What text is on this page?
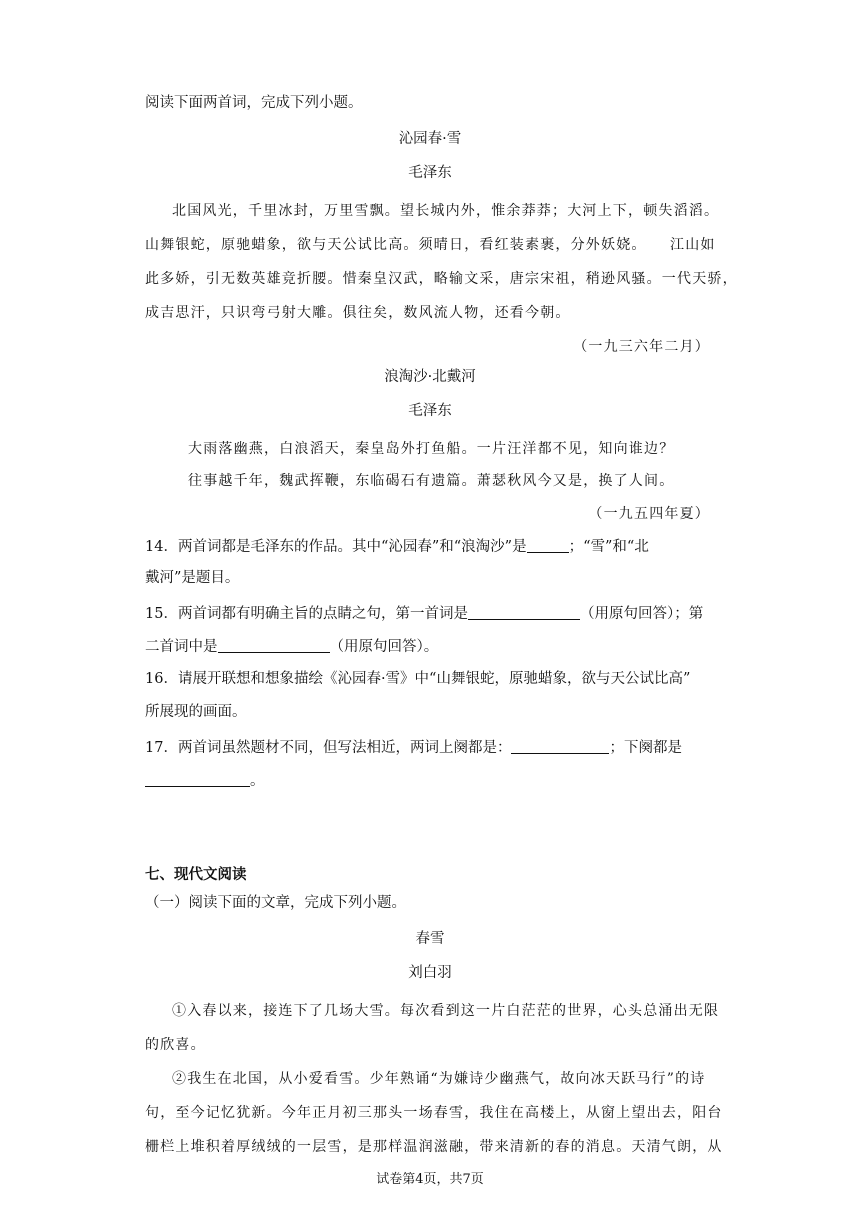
阅读下面两首词，完成下列小题。
沁园春·雪
毛泽东
北国风光，千里冰封，万里雪飘。望长城内外，惟余莽莽；大河上下，顿失滔滔。
山舞银蛇，原驰蜡象，欲与天公试比高。须晴日，看红装素裹，分外妖娆。　　江山如
此多娇，引无数英雄竞折腰。惜秦皇汉武，略输文采，唐宗宋祖，稍逊风骚。一代天骄，
成吉思汗，只识弯弓射大雕。俱往矣，数风流人物，还看今朝。
（一九三六年二月）
浪淘沙·北戴河
毛泽东
大雨落幽燕，白浪滔天，秦皇岛外打鱼船。一片汪洋都不见，知向谁边？
往事越千年，魏武挥鞭，东临碣石有遗篇。萧瑟秋风今又是，换了人间。
（一九五四年夏）
14．两首词都是毛泽东的作品。其中“沁园春”和“浪淘沙”是	；“雪”和“北
戴河”是题目。
15．两首词都有明确主旨的点睛之句，第一首词是	（用原句回答）；第
二首词中是	（用原句回答）。
16．请展开联想和想象描绘《沁园春·雪》中“山舞银蛇，原驰蜡象，欲与天公试比高”
所展现的画面。
17．两首词虽然题材不同，但写法相近，两词上阕都是：	；下阕都是
。
七、现代文阅读
（一）阅读下面的文章，完成下列小题。
春雪
刘白羽
①入春以来，接连下了几场大雪。每次看到这一片白茫茫的世界，心头总涌出无限
的欣喜。
②我生在北国，从小爱看雪。少年熟诵“为嫌诗少幽燕气，故向冰天跃马行”的诗
句，至今记忆犹新。今年正月初三那头一场春雪，我住在高楼上，从窗上望出去，阳台
栅栏上堆积着厚绒绒的一层雪，是那样温润滋融，带来清新的春的消息。天清气朗，从
试卷第4页，共7页
